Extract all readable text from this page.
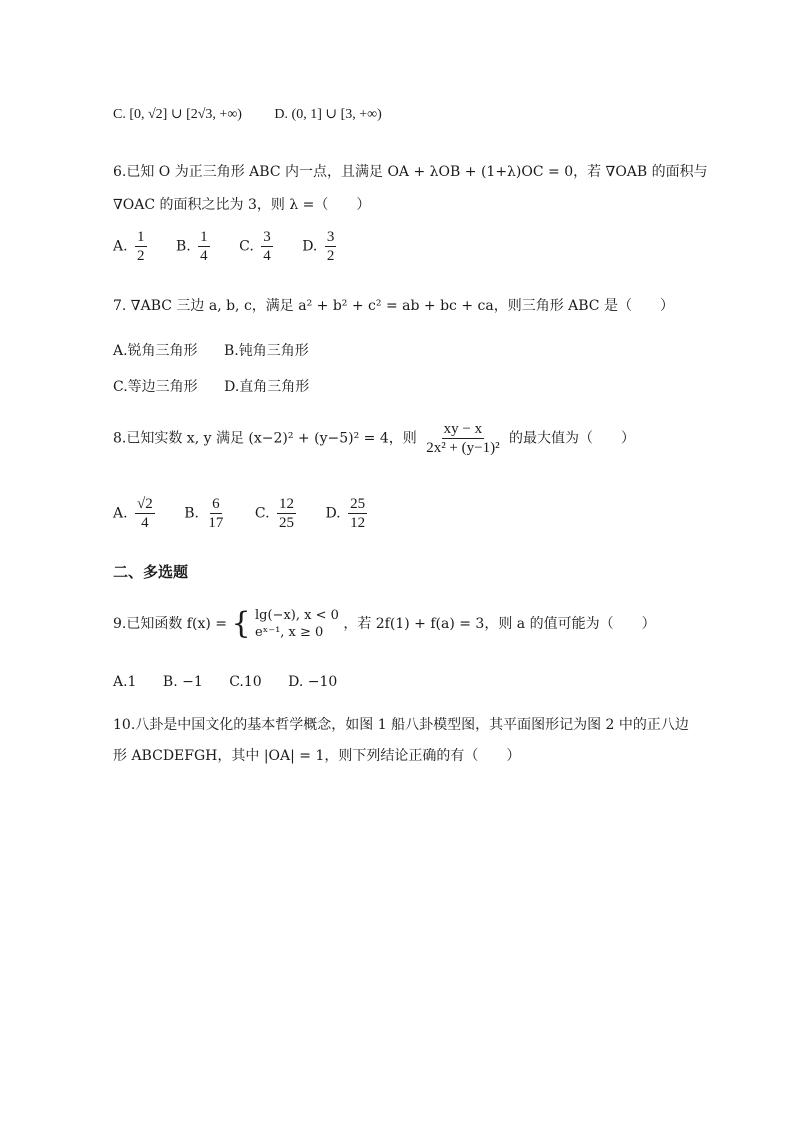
C. [0, √2] ∪ [2√3, +∞) D. (0, 1] ∪ [3, +∞)
6.已知 O 为正三角形 ABC 内一点，且满足 OA + λOB + (1+λ)OC = 0，若 ∇OAB 的面积与
∇OAC 的面积之比为 3，则 λ =（　　）
A. $\frac{1}{2} B$. $\frac{1}{4} C$. $\frac{3}{4} D$. $\frac{3}{2}$
7. ∇ABC 三边 a, b, c，满足 a² + b² + c² = ab + bc + ca，则三角形 ABC 是（　　）
A.锐角三角形 B.钝角三角形
C.等边三角形 D.直角三角形
8.已知实数 x, y 满足 (x−2)² + (y−5)² = 4，则 $\frac{xy - x}{\text{2x² + (y−1)²}}$ 的最大值为（　　）
A. $\frac{√2}{4} B$. $\frac{6}{17} C$. $\frac{12}{25} D$. $\frac{25}{12}$
二、多选题
9.已知函数 f(x) = { lg(−x), x < 0
eˣ⁻¹, x ≥ 0
，若 2f(1) + f(a) = 3，则 a 的值可能为（　　）
A.1 B. −1 C.10 D. −10
10.八卦是中国文化的基本哲学概念，如图 1 船八卦模型图，其平面图形记为图 2 中的正八边
形 ABCDEFGH，其中 |OA| = 1，则下列结论正确的有（　　）
